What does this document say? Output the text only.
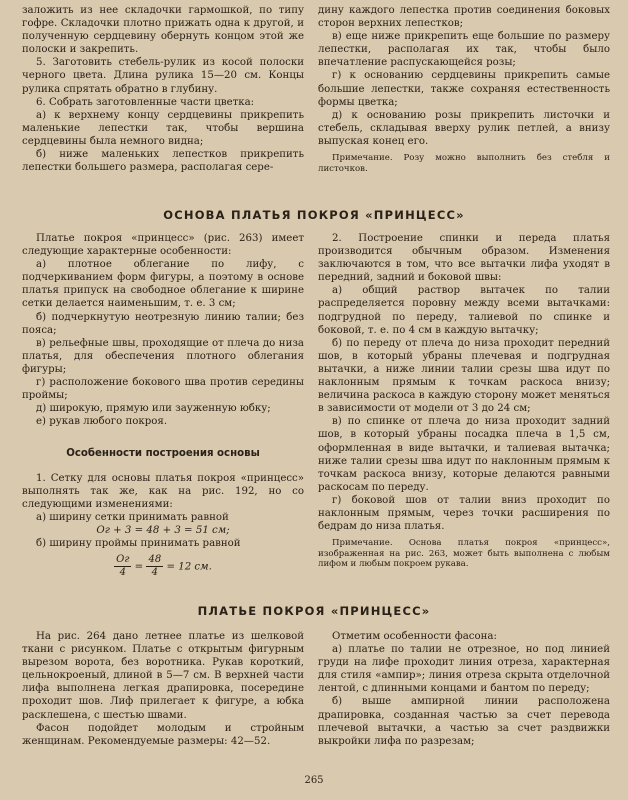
заложить из нее складочки гармошкой, по типу гофре. Складочки плотно прижать одна к другой, и полученную сердцевину обернуть концом этой же полоски и закрепить.

5. Заготовить стебель-рулик из косой полоски черного цвета. Длина рулика 15—20 см. Концы рулика спрятать обратно в глубину.

6. Собрать заготовленные части цветка:

а) к верхнему концу сердцевины прикрепить маленькие лепестки так, чтобы вершина сердцевины была немного видна;

б) ниже маленьких лепестков прикрепить лепестки большего размера, располагая сере-

дину каждого лепестка против соединения боковых сторон верхних лепестков;

в) еще ниже прикрепить еще большие по размеру лепестки, располагая их так, чтобы было впечатление распускающейся розы;

г) к основанию сердцевины прикрепить самые большие лепестки, также сохраняя естественность формы цветка;

д) к основанию розы прикрепить листочки и стебель, складывая вверху рулик петлей, а внизу выпуская конец его.

Примечание. Розу можно выполнить без стебля и листочков.

ОСНОВА ПЛАТЬЯ ПОКРОЯ «ПРИНЦЕСС»

Платье покроя «принцесс» (рис. 263) имеет следующие характерные особенности:

а) плотное облегание по лифу, с подчеркиванием форм фигуры, а поэтому в основе платья припуск на свободное облегание к ширине сетки делается наименьшим, т. е. 3 см;

б) подчеркнутую неотрезную линию талии; без пояса;

в) рельефные швы, проходящие от плеча до низа платья, для обеспечения плотного облегания фигуры;

г) расположение бокового шва против середины проймы;

д) широкую, прямую или зауженную юбку;

е) рукав любого покроя.

Особенности построения основы

1. Сетку для основы платья покроя «принцесс» выполнять так же, как на рис. 192, но со следующими изменениями:

а) ширину сетки принимать равной

Ог + 3 = 48 + 3 = 51 см;

б) ширину проймы принимать равной

$\frac{Ог}{4} = \frac{48}{4} = 12$ см.

2. Построение спинки и переда платья производится обычным образом. Изменения заключаются в том, что все вытачки лифа уходят в передний, задний и боковой швы:

а) общий раствор вытачек по талии распределяется поровну между всеми вытачками: подгрудной по переду, талиевой по спинке и боковой, т. е. по 4 см в каждую вытачку;

б) по переду от плеча до низа проходит передний шов, в который убраны плечевая и подгрудная вытачки, а ниже линии талии срезы шва идут по наклонным прямым к точкам раскоса внизу; величина раскоса в каждую сторону может меняться в зависимости от модели от 3 до 24 см;

в) по спинке от плеча до низа проходит задний шов, в который убраны посадка плеча в 1,5 см, оформленная в виде вытачки, и талиевая вытачка; ниже талии срезы шва идут по наклонным прямым к точкам раскоса внизу, которые делаются равными раскосам по переду.

г) боковой шов от талии вниз проходит по наклонным прямым, через точки расширения по бедрам до низа платья.

Примечание. Основа платья покроя «принцесс», изображенная на рис. 263, может быть выполнена с любым лифом и любым покроем рукава.

ПЛАТЬЕ ПОКРОЯ «ПРИНЦЕСС»

На рис. 264 дано летнее платье из шелковой ткани с рисунком. Платье с открытым фигурным вырезом ворота, без воротника. Рукав короткий, цельнокроеный, длиной в 5—7 см. В верхней части лифа выполнена легкая драпировка, посередине проходит шов. Лиф прилегает к фигуре, а юбка расклешена, с шестью швами.

Фасон подойдет молодым и стройным женщинам. Рекомендуемые размеры: 42—52.

Отметим особенности фасона:

а) платье по талии не отрезное, но под линией груди на лифе проходит линия отреза, характерная для стиля «ампир»; линия отреза скрыта отделочной лентой, с длинными концами и бантом по переду;

б) выше ампирной линии расположена драпировка, созданная частью за счет перевода плечевой вытачки, а частью за счет раздвижки выкройки лифа по разрезам;

265
